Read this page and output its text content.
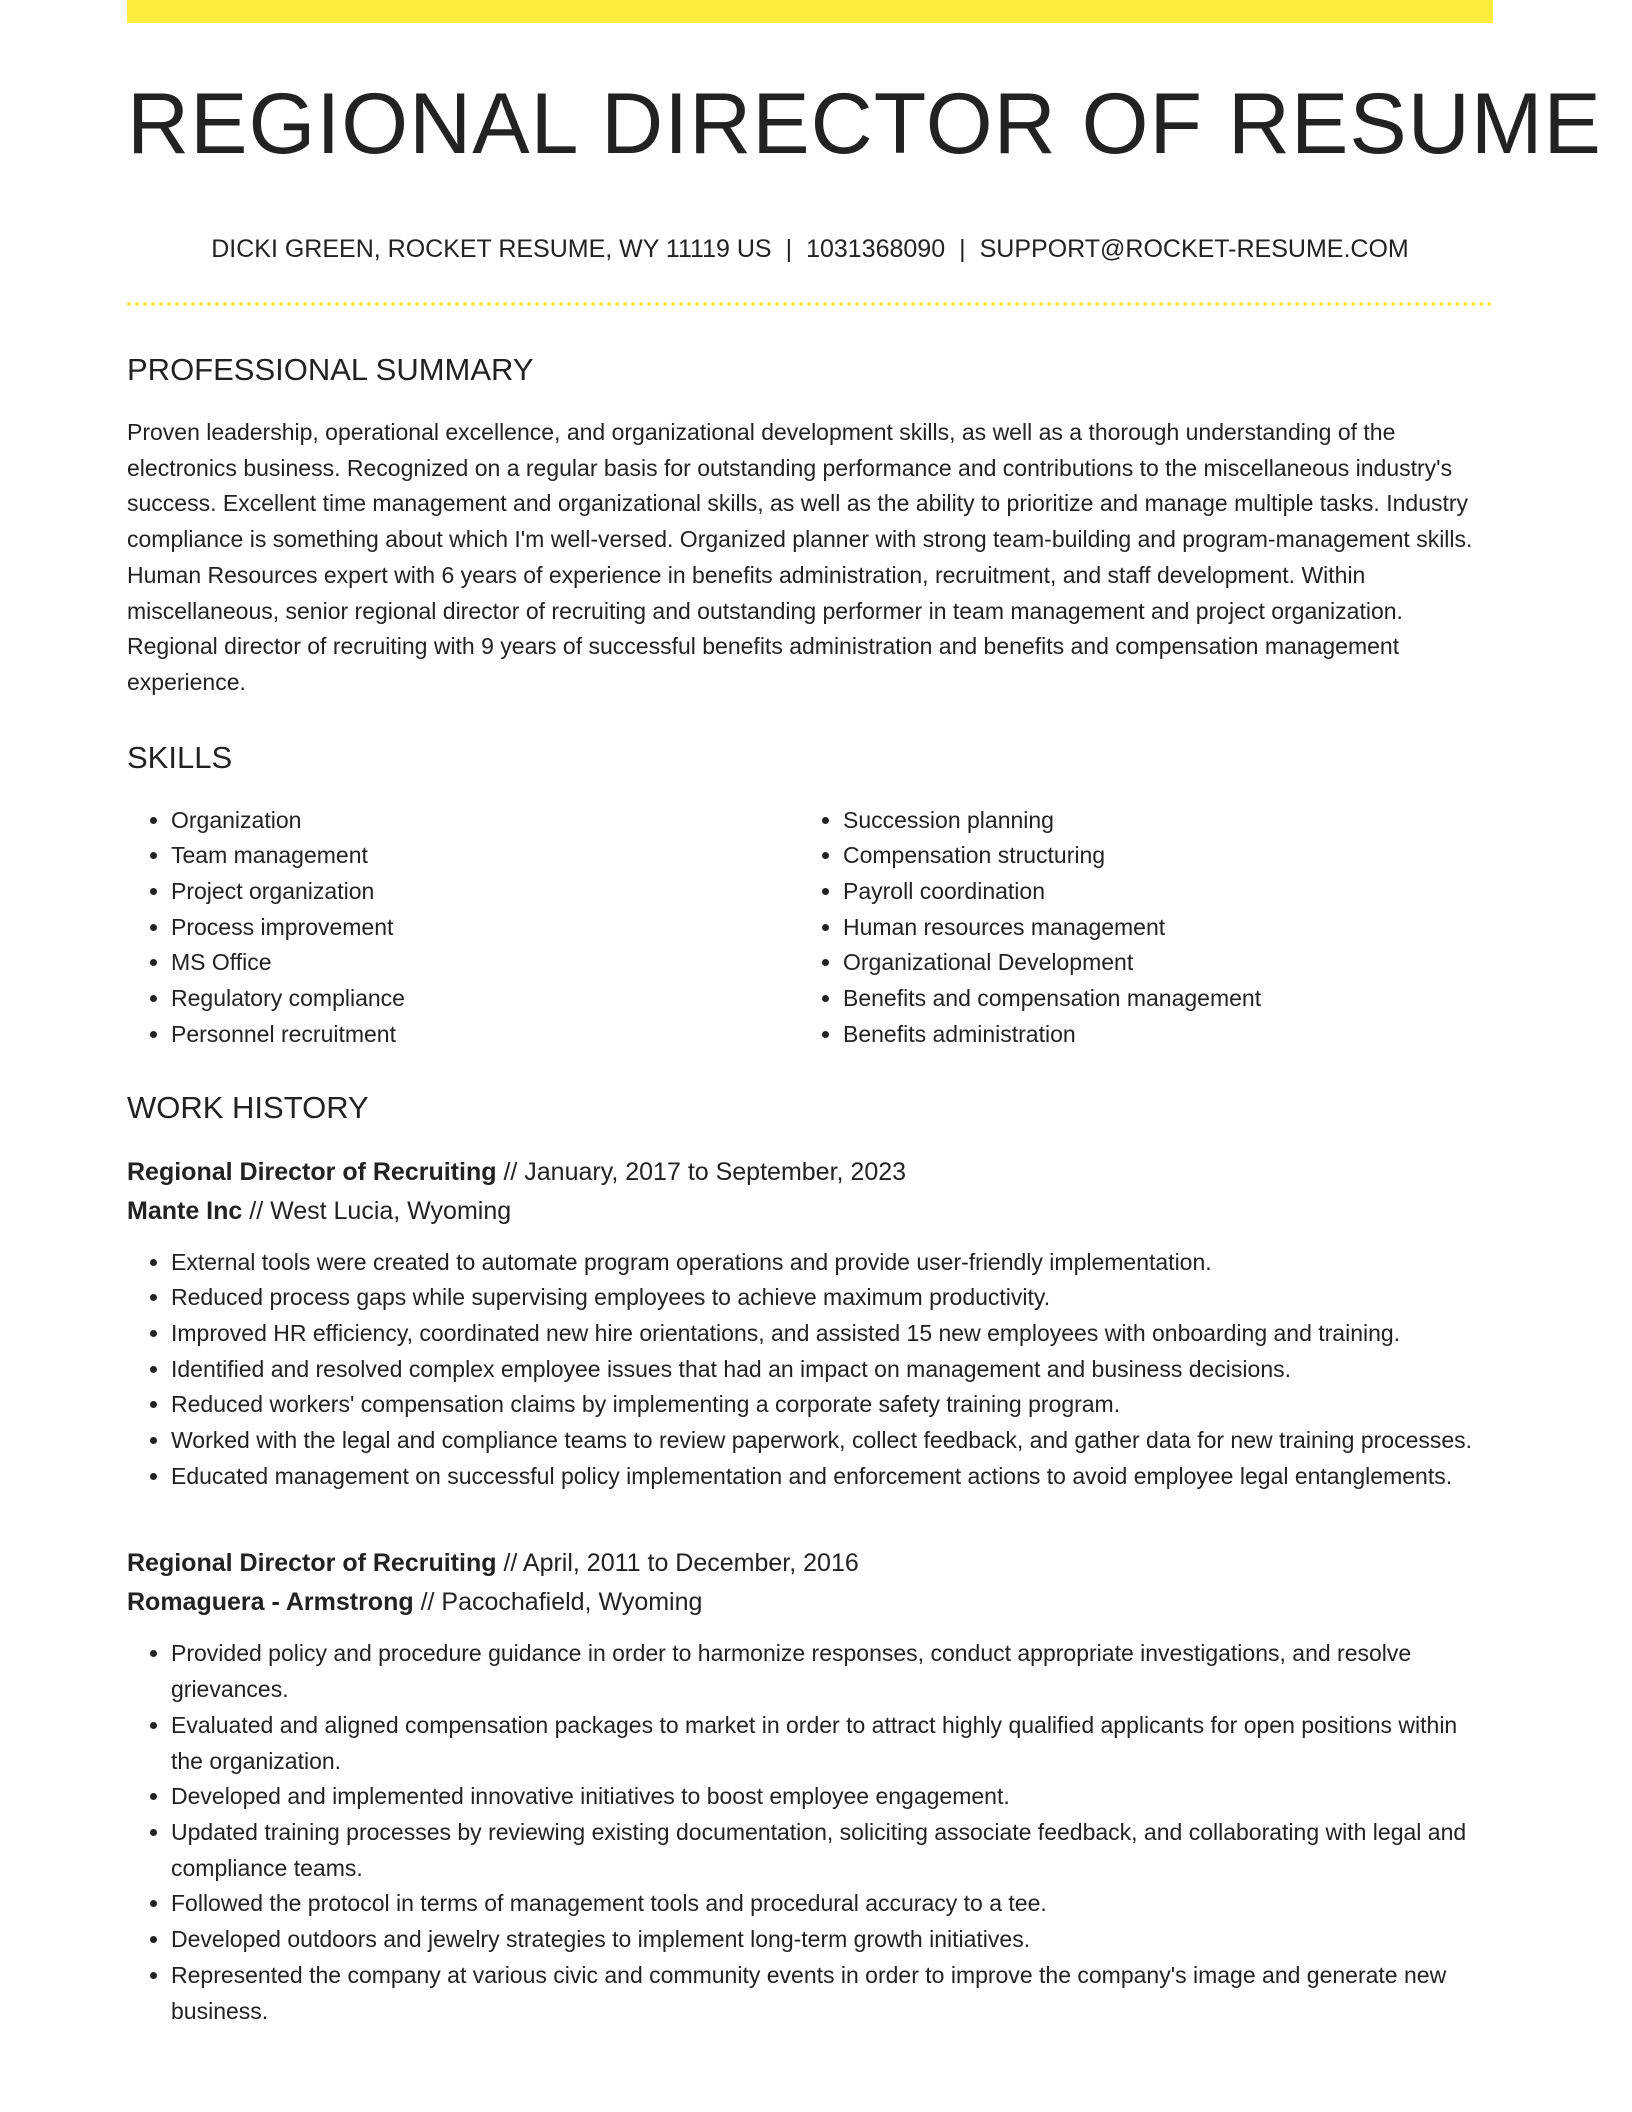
REGIONAL DIRECTOR OF RESUME
DICKI GREEN, ROCKET RESUME, WY 11119 US | 1031368090 | SUPPORT@ROCKET-RESUME.COM
PROFESSIONAL SUMMARY

Proven leadership, operational excellence, and organizational development skills, as well as a thorough understanding of the electronics business. Recognized on a regular basis for outstanding performance and contributions to the miscellaneous industry's success. Excellent time management and organizational skills, as well as the ability to prioritize and manage multiple tasks. Industry compliance is something about which I'm well-versed. Organized planner with strong team-building and program-management skills. Human Resources expert with 6 years of experience in benefits administration, recruitment, and staff development. Within miscellaneous, senior regional director of recruiting and outstanding performer in team management and project organization. Regional director of recruiting with 9 years of successful benefits administration and benefits and compensation management experience.

SKILLS
• Organization
• Team management
• Project organization
• Process improvement
• MS Office
• Regulatory compliance
• Personnel recruitment
• Succession planning
• Compensation structuring
• Payroll coordination
• Human resources management
• Organizational Development
• Benefits and compensation management
• Benefits administration
WORK HISTORY
Regional Director of Recruiting // January, 2017 to September, 2023
Mante Inc // West Lucia, Wyoming
• External tools were created to automate program operations and provide user-friendly implementation.
• Reduced process gaps while supervising employees to achieve maximum productivity.
• Improved HR efficiency, coordinated new hire orientations, and assisted 15 new employees with onboarding and training.
• Identified and resolved complex employee issues that had an impact on management and business decisions.
• Reduced workers' compensation claims by implementing a corporate safety training program.
• Worked with the legal and compliance teams to review paperwork, collect feedback, and gather data for new training processes.
• Educated management on successful policy implementation and enforcement actions to avoid employee legal entanglements.
Regional Director of Recruiting // April, 2011 to December, 2016
Romaguera - Armstrong // Pacochafield, Wyoming
• Provided policy and procedure guidance in order to harmonize responses, conduct appropriate investigations, and resolve grievances.
• Evaluated and aligned compensation packages to market in order to attract highly qualified applicants for open positions within the organization.
• Developed and implemented innovative initiatives to boost employee engagement.
• Updated training processes by reviewing existing documentation, soliciting associate feedback, and collaborating with legal and compliance teams.
• Followed the protocol in terms of management tools and procedural accuracy to a tee.
• Developed outdoors and jewelry strategies to implement long-term growth initiatives.
• Represented the company at various civic and community events in order to improve the company's image and generate new business.
